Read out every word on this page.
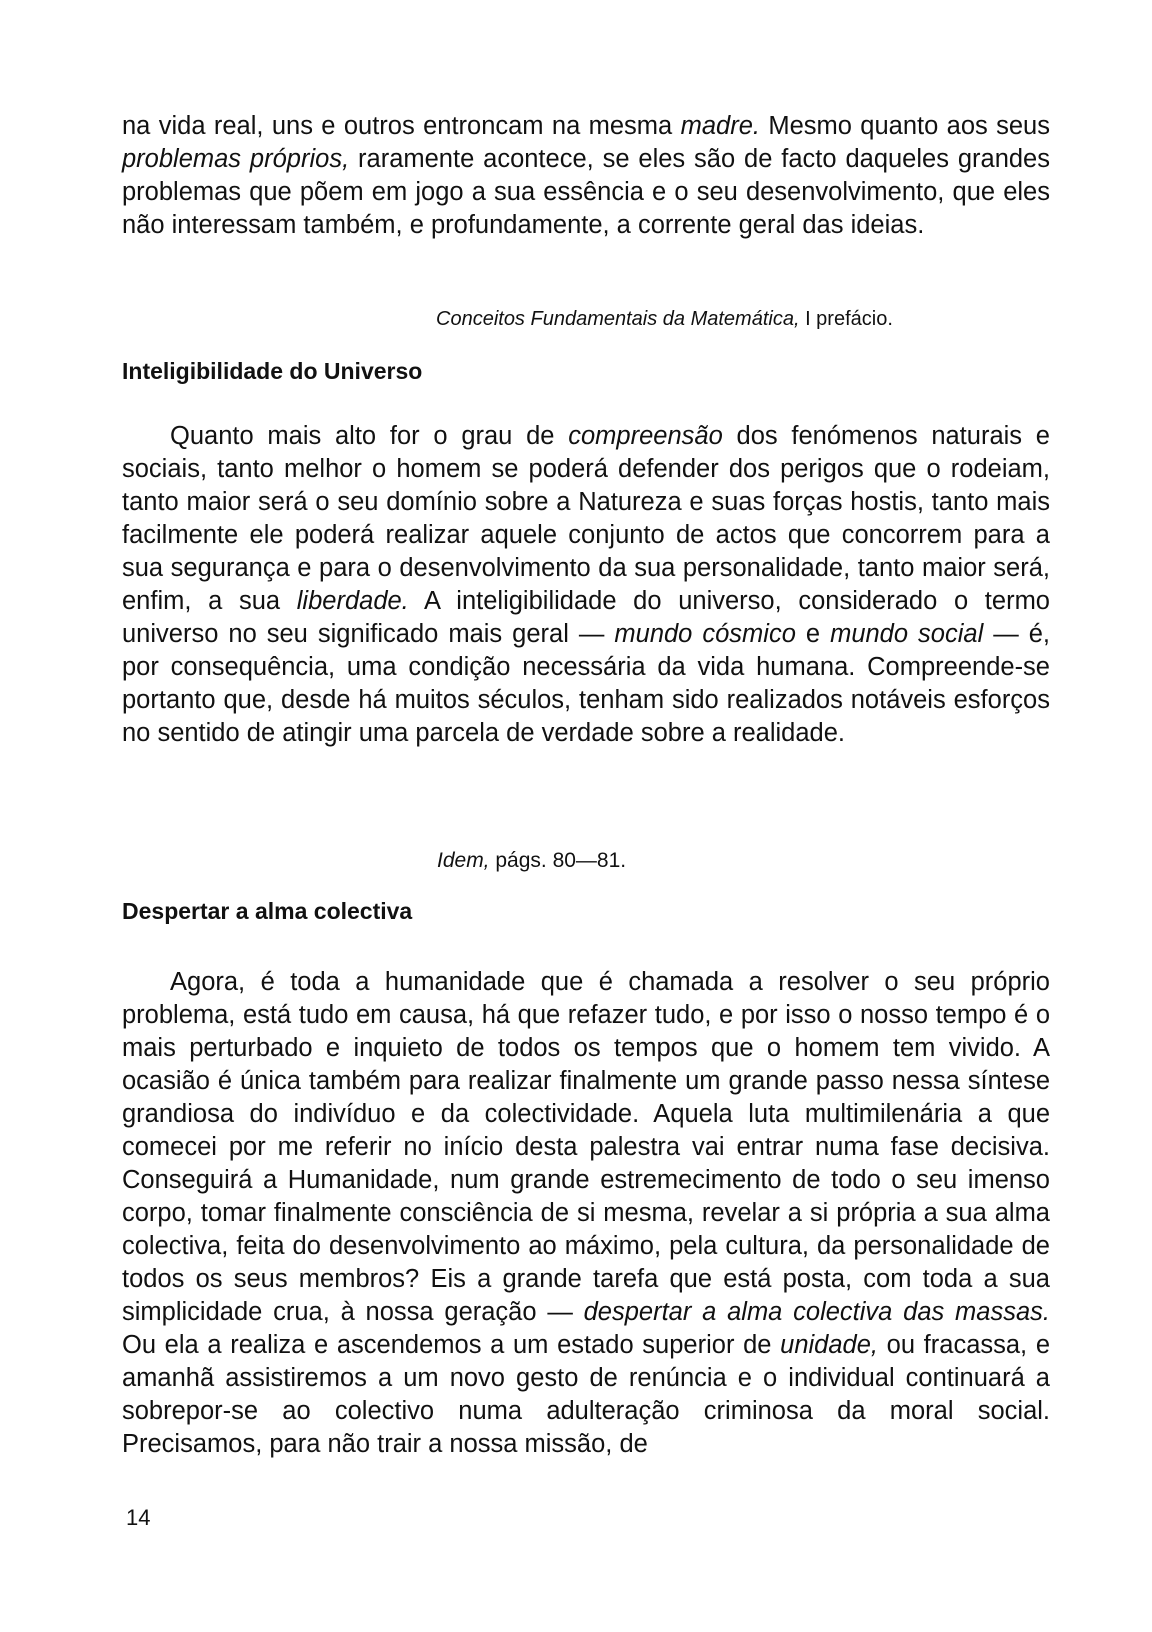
na vida real, uns e outros entroncam na mesma madre. Mesmo quanto aos seus problemas próprios, raramente acontece, se eles são de facto daqueles grandes problemas que põem em jogo a sua essência e o seu desenvolvimento, que eles não interessam também, e profundamente, a corrente geral das ideias.

Conceitos Fundamentais da Matemática, I prefácio.
Inteligibilidade do Universo

Quanto mais alto for o grau de compreensão dos fenómenos naturais e sociais, tanto melhor o homem se poderá defender dos perigos que o rodeiam, tanto maior será o seu domínio sobre a Natureza e suas forças hostis, tanto mais facilmente ele poderá realizar aquele conjunto de actos que concorrem para a sua segurança e para o desenvolvimento da sua personalidade, tanto maior será, enfim, a sua liberdade. A inteligibilidade do universo, considerado o termo universo no seu significado mais geral — mundo cósmico e mundo social — é, por consequência, uma condição necessária da vida humana. Compreende-se portanto que, desde há muitos séculos, tenham sido realizados notáveis esforços no sentido de atingir uma parcela de verdade sobre a realidade.

Idem, págs. 80—81.
Despertar a alma colectiva

Agora, é toda a humanidade que é chamada a resolver o seu próprio problema, está tudo em causa, há que refazer tudo, e por isso o nosso tempo é o mais perturbado e inquieto de todos os tempos que o homem tem vivido. A ocasião é única também para realizar finalmente um grande passo nessa síntese grandiosa do indivíduo e da colectividade. Aquela luta multimilenária a que comecei por me referir no início desta palestra vai entrar numa fase decisiva. Conseguirá a Humanidade, num grande estremecimento de todo o seu imenso corpo, tomar finalmente consciência de si mesma, revelar a si própria a sua alma colectiva, feita do desenvolvimento ao máximo, pela cultura, da personalidade de todos os seus membros? Eis a grande tarefa que está posta, com toda a sua simplicidade crua, à nossa geração — despertar a alma colectiva das massas. Ou ela a realiza e ascendemos a um estado superior de unidade, ou fracassa, e amanhã assistiremos a um novo gesto de renúncia e o individual continuará a sobrepor-se ao colectivo numa adulteração criminosa da moral social. Precisamos, para não trair a nossa missão, de

14
